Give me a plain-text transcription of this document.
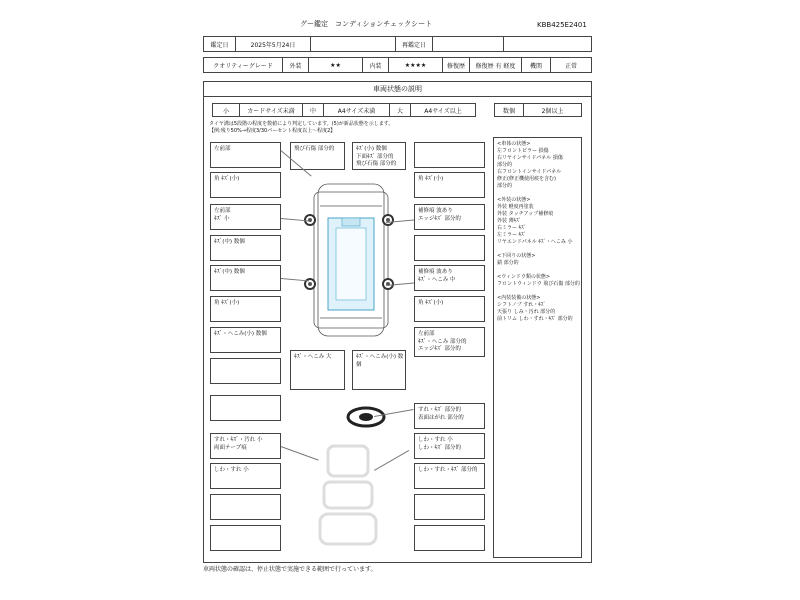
グー鑑定　コンディションチェックシート	KBB425E2401
鑑定日	2025年5月24日	再鑑定日
クオリティーグレード	外装	★★	内装	★★★★	修復歴	修復歴 有 軽度	機関	正常
車両状態の説明
小	カードサイズ未満	中	A4サイズ未満	大	A4サイズ以上	数個	2個以上
タイヤ溝は5段階の程度を数値により判定しています。(5)が新品状態を示します。
【例:残り50%→程度3/30パーセント程度以上〜程度2】
<車体の状態>
左フロントピラー 損傷
右リヤインサイドパネル 損傷
部分的
右フロントインサイドパネル
修正(修正機使用痕を含む)
部分的

<外装の状態>
外装 軽度再塗装
外装 タッチアップ補修痕
外装 薄ｷｽﾞ
右ミラー ｷｽﾞ
左ミラー ｷｽﾞ
リヤエンドパネル ｷｽﾞ・へこみ 小

<下回りの状態>
錆 部分的

<ウィンドウ類の状態>
フロントウィンドウ 飛び石傷 部分的

<内装装備の状態>
シフトノブ すれ・ｷｽﾞ
天張り しみ・汚れ 部分的
前トリム しわ・すれ・ｷｽﾞ 部分的
左前部

角 ｷｽﾞ(小)
左前部
ｷｽﾞ 小
ｷｽﾞ(中) 数個
ｷｽﾞ(中) 数個
角 ｷｽﾞ(小)
ｷｽﾞ・へこみ(小) 数個
飛び石傷 部分的	ｷｽﾞ(小) 数個
下面ｷｽﾞ 部分的
飛び石傷 部分的
角 ｷｽﾞ(小)
補修痕 波あり
エッジｷｽﾞ 部分的
補修痕 波あり
ｷｽﾞ・へこみ 中
角 ｷｽﾞ(小)
左前部
ｷｽﾞ・へこみ 部分的
エッジｷｽﾞ 部分的
ｷｽﾞ・へこみ 大	ｷｽﾞ・へこみ(小) 数個
すれ・ｷｽﾞ 部分的
表面はがれ 部分的
すれ・ｷｽﾞ・汚れ 小
両面テープ痕
しわ・すれ 小
しわ・ｷｽﾞ 部分的
しわ・すれ 小	しわ・すれ・ｷｽﾞ 部分的
車両状態の確認は、停止状態で実施できる範囲で行っています。
